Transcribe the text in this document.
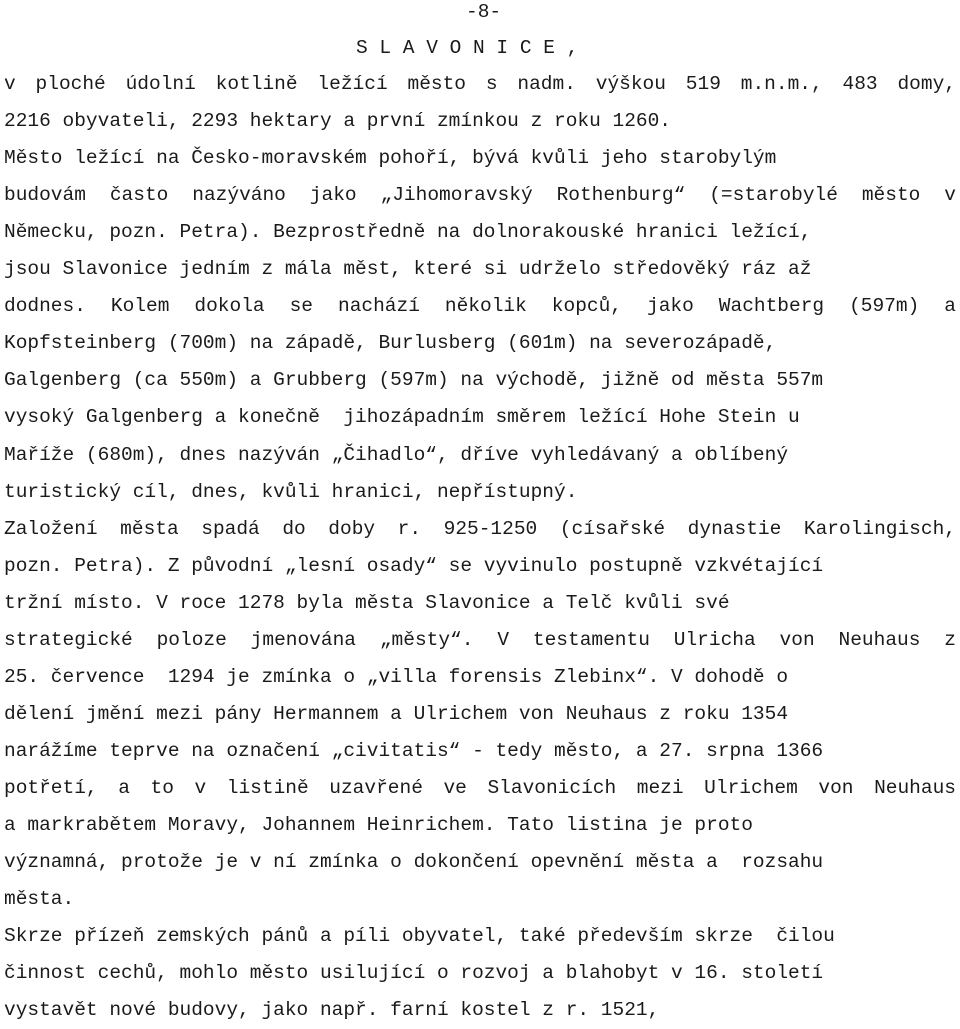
-8-
S L A V O N I C E ,
v ploché údolní kotlině ležící město s nadm. výškou 519 m.n.m., 483 domy,
2216 obyvateli, 2293 hektary a první zmínkou z roku 1260.
Město ležící na Česko-moravském pohoří, bývá kvůli jeho starobylým
budovám často nazýváno jako „Jihomoravský Rothenburg“ (=starobylé město v
Německu, pozn. Petra). Bezprostředně na dolnorakouské hranici ležící,
jsou Slavonice jedním z mála měst, které si udrželo středověký ráz až
dodnes. Kolem dokola se nachází několik kopců, jako Wachtberg (597m) a
Kopfsteinberg (700m) na západě, Burlusberg (601m) na severozápadě,
Galgenberg (ca 550m) a Grubberg (597m) na východě, jižně od města 557m
vysoký Galgenberg a konečně  jihozápadním směrem ležící Hohe Stein u
Maříže (680m), dnes nazýván „Čihadlo“, dříve vyhledávaný a oblíbený
turistický cíl, dnes, kvůli hranici, nepřístupný.
Založení města spadá do doby r. 925-1250 (císařské dynastie Karolingisch,
pozn. Petra). Z původní „lesní osady“ se vyvinulo postupně vzkvétající
tržní místo. V roce 1278 byla města Slavonice a Telč kvůli své
strategické poloze jmenována „městy“. V testamentu Ulricha von Neuhaus z
25. července  1294 je zmínka o „villa forensis Zlebinx“. V dohodě o
dělení jmění mezi pány Hermannem a Ulrichem von Neuhaus z roku 1354
narážíme teprve na označení „civitatis“ - tedy město, a 27. srpna 1366
potřetí, a to v listině uzavřené ve Slavonicích mezi Ulrichem von Neuhaus
a markrabětem Moravy, Johannem Heinrichem. Tato listina je proto
významná, protože je v ní zmínka o dokončení opevnění města a  rozsahu
města.
Skrze přízeň zemských pánů a píli obyvatel, také především skrze  čilou
činnost cechů, mohlo město usilující o rozvoj a blahobyt v 16. století
vystavět nové budovy, jako např. farní kostel z r. 1521,
